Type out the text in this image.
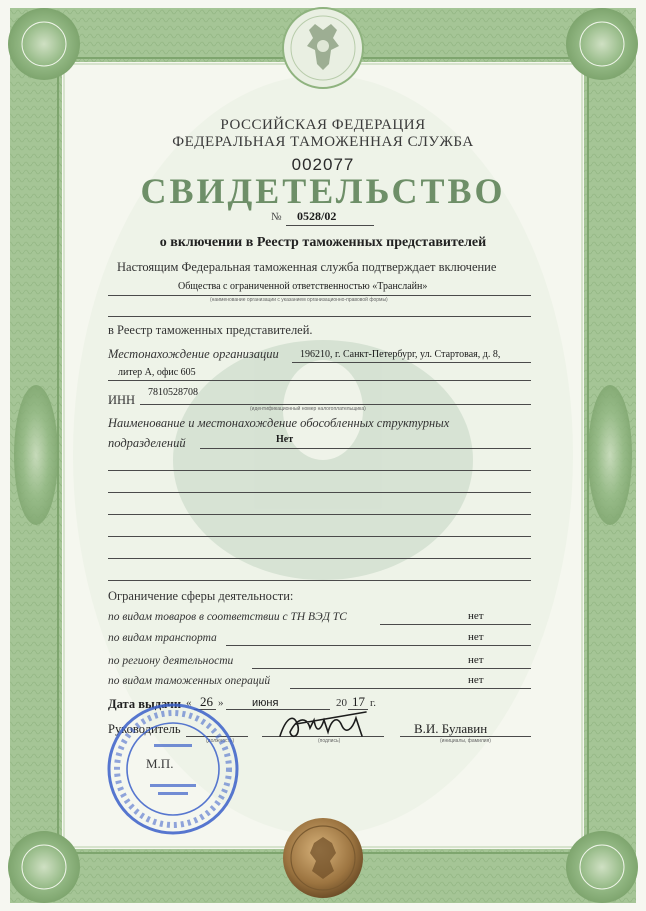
РОССИЙСКАЯ ФЕДЕРАЦИЯ
ФЕДЕРАЛЬНАЯ ТАМОЖЕННАЯ СЛУЖБА
002077
СВИДЕТЕЛЬСТВО
№ 0528/02
о включении в Реестр таможенных представителей
Настоящим Федеральная таможенная служба подтверждает включение
Общества с ограниченной ответственностью «Транслайн»
(наименование организации с указанием организационно-правовой формы)
в Реестр таможенных представителей.
Местонахождение организации 196210, г. Санкт-Петербург, ул. Стартовая, д. 8,
литер А, офис 605
ИНН
7810528708
(идентификационный номер налогоплательщика)
Наименование и местонахождение обособленных структурных
подразделений	Нет
Ограничение сферы деятельности:
по видам товаров в соответствии с ТН ВЭД ТС	нет
по видам транспорта	нет
по региону деятельности	нет
по видам таможенных операций	нет
Дата выдачи « 26 »	июня	20 17 г.
Руководитель
(должность)	(подпись)
В.И. Булавин
(инициалы, фамилия)
М.П.
